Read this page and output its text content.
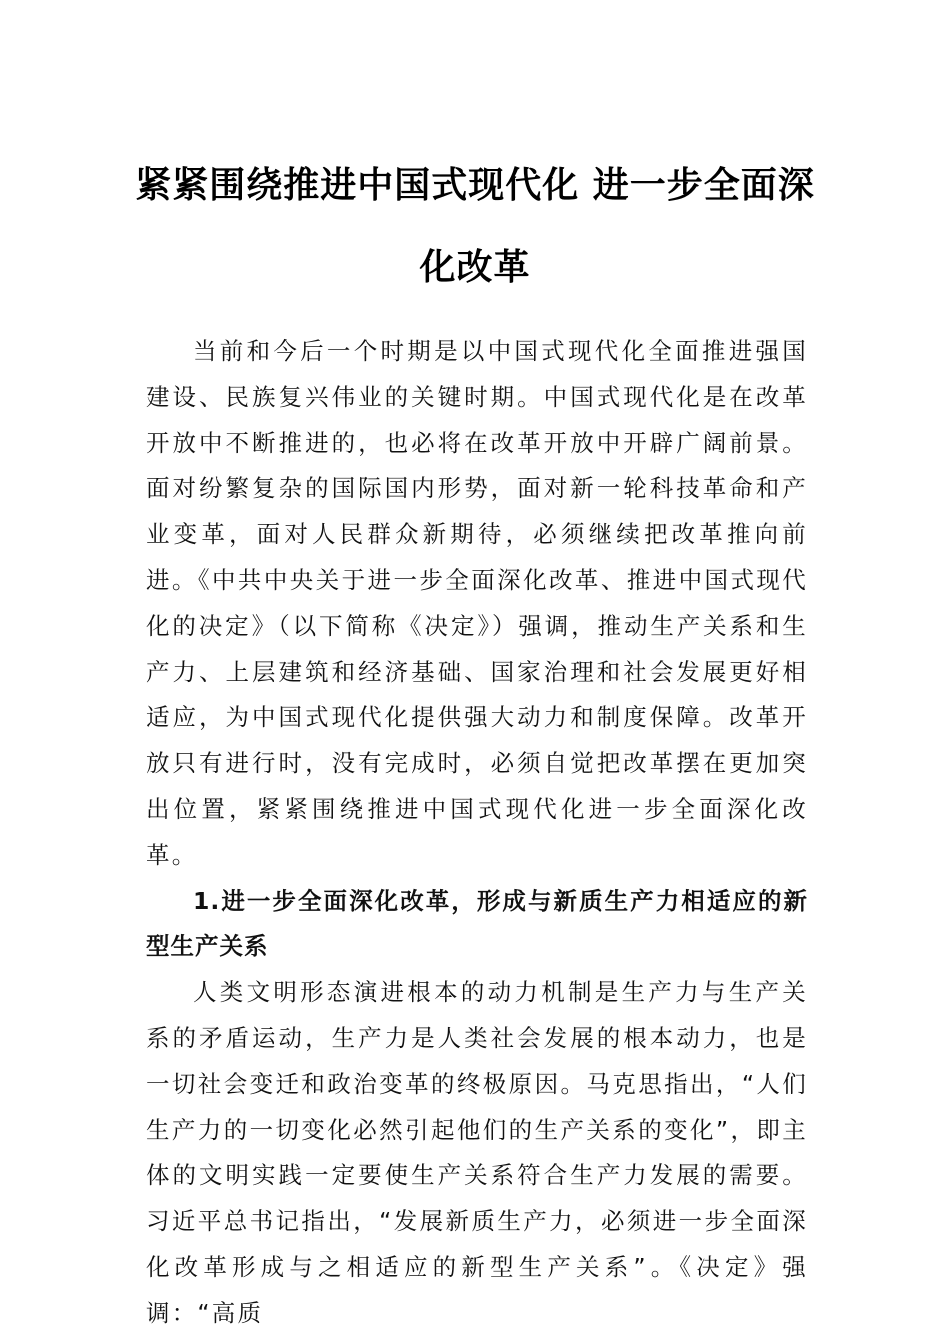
紧紧围绕推进中国式现代化 进一步全面深
化改革

当前和今后一个时期是以中国式现代化全面推进强国建设、民族复兴伟业的关键时期。中国式现代化是在改革开放中不断推进的，也必将在改革开放中开辟广阔前景。面对纷繁复杂的国际国内形势，面对新一轮科技革命和产业变革，面对人民群众新期待，必须继续把改革推向前进。《中共中央关于进一步全面深化改革、推进中国式现代化的决定》（以下简称《决定》）强调，推动生产关系和生产力、上层建筑和经济基础、国家治理和社会发展更好相适应，为中国式现代化提供强大动力和制度保障。改革开放只有进行时，没有完成时，必须自觉把改革摆在更加突出位置，紧紧围绕推进中国式现代化进一步全面深化改革。

1.进一步全面深化改革，形成与新质生产力相适应的新型生产关系

人类文明形态演进根本的动力机制是生产力与生产关系的矛盾运动，生产力是人类社会发展的根本动力，也是一切社会变迁和政治变革的终极原因。马克思指出，“人们生产力的一切变化必然引起他们的生产关系的变化”，即主体的文明实践一定要使生产关系符合生产力发展的需要。习近平总书记指出，“发展新质生产力，必须进一步全面深化改革形成与之相适应的新型生产关系”。《决定》强调：“高质
